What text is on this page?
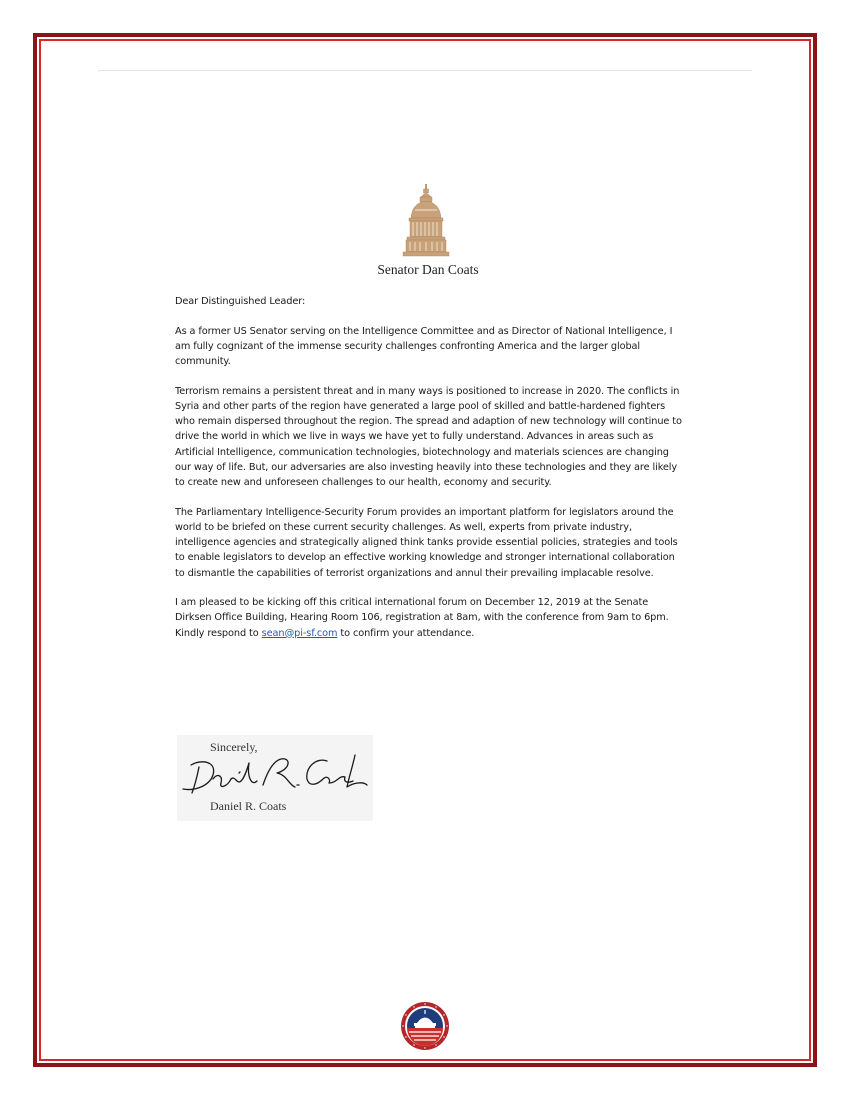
Senator Dan Coats

Dear Distinguished Leader:

As a former US Senator serving on the Intelligence Committee and as Director of National Intelligence, I am fully cognizant of the immense security challenges confronting America and the larger global community.

Terrorism remains a persistent threat and in many ways is positioned to increase in 2020. The conflicts in Syria and other parts of the region have generated a large pool of skilled and battle-hardened fighters who remain dispersed throughout the region. The spread and adaption of new technology will continue to drive the world in which we live in ways we have yet to fully understand. Advances in areas such as Artificial Intelligence, communication technologies, biotechnology and materials sciences are changing our way of life. But, our adversaries are also investing heavily into these technologies and they are likely to create new and unforeseen challenges to our health, economy and security.

The Parliamentary Intelligence-Security Forum provides an important platform for legislators around the world to be briefed on these current security challenges. As well, experts from private industry, intelligence agencies and strategically aligned think tanks provide essential policies, strategies and tools to enable legislators to develop an effective working knowledge and stronger international collaboration to dismantle the capabilities of terrorist organizations and annul their prevailing implacable resolve.

I am pleased to be kicking off this critical international forum on December 12, 2019 at the Senate Dirksen Office Building, Hearing Room 106, registration at 8am, with the conference from 9am to 6pm. Kindly respond to sean@pi-sf.com to confirm your attendance.

Sincerely,
Daniel R. Coats
